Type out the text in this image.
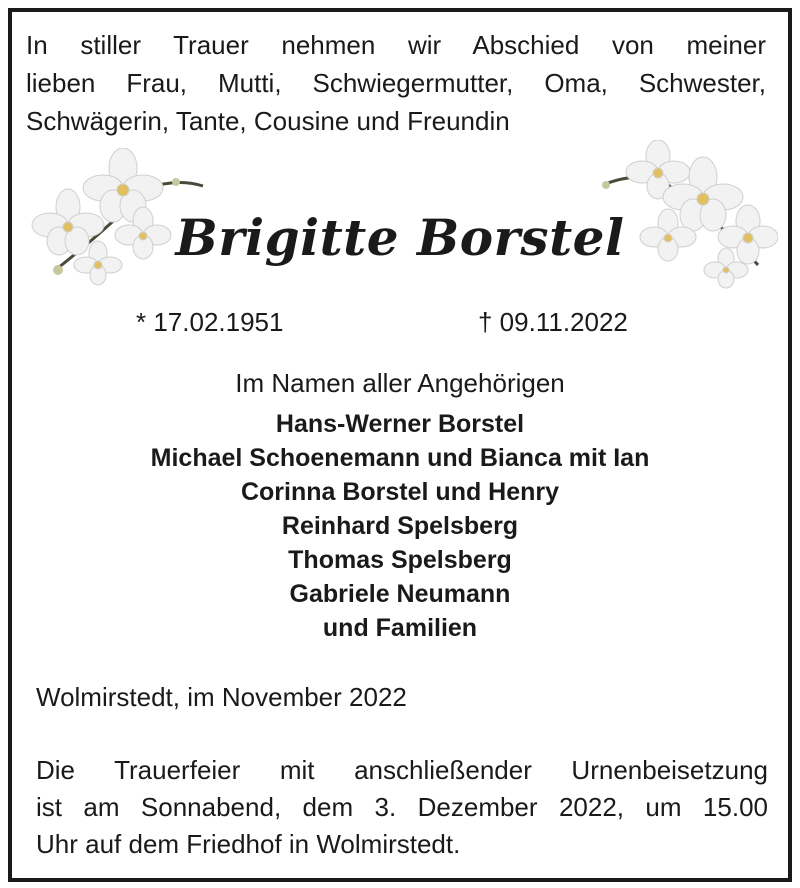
In stiller Trauer nehmen wir Abschied von meiner
lieben Frau, Mutti, Schwiegermutter, Oma, Schwester,
Schwägerin, Tante, Cousine und Freundin
Brigitte Borstel
* 17.02.1951	† 09.11.2022
Im Namen aller Angehörigen
Hans-Werner Borstel
Michael Schoenemann und Bianca mit Ian
Corinna Borstel und Henry
Reinhard Spelsberg
Thomas Spelsberg
Gabriele Neumann
und Familien
Wolmirstedt, im November 2022
Die Trauerfeier mit anschließender Urnenbeisetzung
ist am Sonnabend, dem 3. Dezember 2022, um 15.00
Uhr auf dem Friedhof in Wolmirstedt.
